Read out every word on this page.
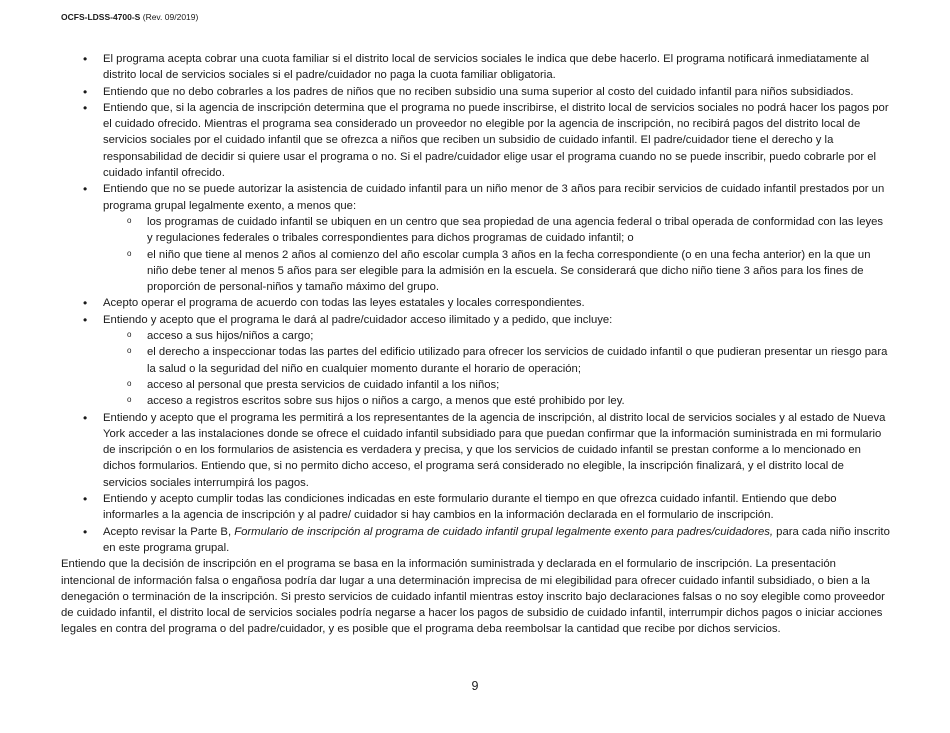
OCFS-LDSS-4700-S (Rev. 09/2019)
• El programa acepta cobrar una cuota familiar si el distrito local de servicios sociales le indica que debe hacerlo. El programa notificará inmediatamente al distrito local de servicios sociales si el padre/cuidador no paga la cuota familiar obligatoria.
• Entiendo que no debo cobrarles a los padres de niños que no reciben subsidio una suma superior al costo del cuidado infantil para niños subsidiados.
• Entiendo que, si la agencia de inscripción determina que el programa no puede inscribirse, el distrito local de servicios sociales no podrá hacer los pagos por el cuidado ofrecido. Mientras el programa sea considerado un proveedor no elegible por la agencia de inscripción, no recibirá pagos del distrito local de servicios sociales por el cuidado infantil que se ofrezca a niños que reciben un subsidio de cuidado infantil. El padre/cuidador tiene el derecho y la responsabilidad de decidir si quiere usar el programa o no. Si el padre/cuidador elige usar el programa cuando no se puede inscribir, puedo cobrarle por el cuidado infantil ofrecido.
• Entiendo que no se puede autorizar la asistencia de cuidado infantil para un niño menor de 3 años para recibir servicios de cuidado infantil prestados por un programa grupal legalmente exento, a menos que:
o los programas de cuidado infantil se ubiquen en un centro que sea propiedad de una agencia federal o tribal operada de conformidad con las leyes y regulaciones federales o tribales correspondientes para dichos programas de cuidado infantil; o
o el niño que tiene al menos 2 años al comienzo del año escolar cumpla 3 años en la fecha correspondiente (o en una fecha anterior) en la que un niño debe tener al menos 5 años para ser elegible para la admisión en la escuela. Se considerará que dicho niño tiene 3 años para los fines de proporción de personal-niños y tamaño máximo del grupo.
• Acepto operar el programa de acuerdo con todas las leyes estatales y locales correspondientes.
• Entiendo y acepto que el programa le dará al padre/cuidador acceso ilimitado y a pedido, que incluye:
o acceso a sus hijos/niños a cargo;
o el derecho a inspeccionar todas las partes del edificio utilizado para ofrecer los servicios de cuidado infantil o que pudieran presentar un riesgo para la salud o la seguridad del niño en cualquier momento durante el horario de operación;
o acceso al personal que presta servicios de cuidado infantil a los niños;
o acceso a registros escritos sobre sus hijos o niños a cargo, a menos que esté prohibido por ley.
• Entiendo y acepto que el programa les permitirá a los representantes de la agencia de inscripción, al distrito local de servicios sociales y al estado de Nueva York acceder a las instalaciones donde se ofrece el cuidado infantil subsidiado para que puedan confirmar que la información suministrada en mi formulario de inscripción o en los formularios de asistencia es verdadera y precisa, y que los servicios de cuidado infantil se prestan conforme a lo mencionado en dichos formularios. Entiendo que, si no permito dicho acceso, el programa será considerado no elegible, la inscripción finalizará, y el distrito local de servicios sociales interrumpirá los pagos.
• Entiendo y acepto cumplir todas las condiciones indicadas en este formulario durante el tiempo en que ofrezca cuidado infantil. Entiendo que debo informarles a la agencia de inscripción y al padre/ cuidador si hay cambios en la información declarada en el formulario de inscripción.
• Acepto revisar la Parte B, Formulario de inscripción al programa de cuidado infantil grupal legalmente exento para padres/cuidadores, para cada niño inscrito en este programa grupal.

Entiendo que la decisión de inscripción en el programa se basa en la información suministrada y declarada en el formulario de inscripción. La presentación intencional de información falsa o engañosa podría dar lugar a una determinación imprecisa de mi elegibilidad para ofrecer cuidado infantil subsidiado, o bien a la denegación o terminación de la inscripción. Si presto servicios de cuidado infantil mientras estoy inscrito bajo declaraciones falsas o no soy elegible como proveedor de cuidado infantil, el distrito local de servicios sociales podría negarse a hacer los pagos de subsidio de cuidado infantil, interrumpir dichos pagos o iniciar acciones legales en contra del programa o del padre/cuidador, y es posible que el programa deba reembolsar la cantidad que recibe por dichos servicios.

9
